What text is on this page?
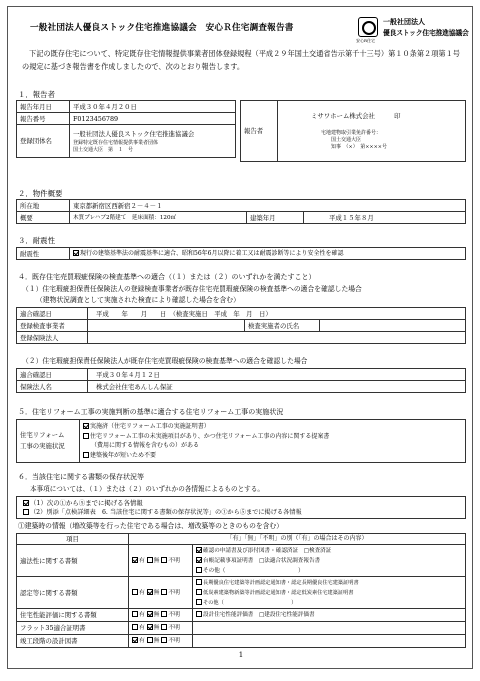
一般社団法人優良ストック住宅推進協議会　安心Ｒ住宅調査報告書
安心R住宅
一般社団法人
優良ストック住宅推進協議会
下記の既存住宅について、特定既存住宅情報提供事業者団体登録規程（平成２９年国土交通省告示第千十三号）第１０条第２項第１号の規定に基づき報告書を作成しましたので、次のとおり報告します。
１．報告者
報告年月日	平成３０年４月２０日
報告番号	F0123456789
登録団体名	一般社団法人優良ストック住宅推進協議会
登録特定既存住宅情報提供事業者団体
国土交通大臣　第　１　号
報告者	
ミサワホーム株式会社　　　印
宅地建物取引業免許番号：
国土交通大臣
知事　（×）　第××××号
２．物件概要
所在地	東京都新宿区西新宿２－４－１		
概要	木質プレハブ2階建て　延床面積：120㎡	建築年月	平成１５年８月
３．耐震性
耐震性	現行の建築基準法の耐震基準に適合、昭和56年6月以降に着工又は耐震診断等により安全性を確認
４．既存住宅売買瑕疵保険の検査基準への適合（（１）または（２）のいずれかを満たすこと）
（１）住宅瑕疵担保責任保険法人の登録検査事業者が既存住宅売買瑕疵保険の検査基準への適合を確認した場合
（建物状況調査として実施された検査により確認した場合を含む）
適合確認日	平成　　年　　月　　日　（検査実施日　平成　年　月　日）		
登録検査事業者		検査実施者の氏名	
登録保険法人			
（２）住宅瑕疵担保責任保険法人が既存住宅売買瑕疵保険の検査基準への適合を確認した場合
適合確認日	平成３０年４月１２日
保険法人名	株式会社住宅あんしん保証
５．住宅リフォーム工事の実施判断の基準に適合する住宅リフォーム工事の実施状況
住宅リフォーム
工事の実施状況

実施済（住宅リフォーム工事の実施証明書）
住宅リフォーム工事の未実施項目があり、かつ住宅リフォーム工事の内容に関する提案書
（費用に関する情報を含むもの）がある
建築後年が短いため不要
６．当該住宅に関する書類の保存状況等
本事項については、（１）または（２）のいずれかの各情報によるものとする。
（1）次の①から⑤までに掲げる各情報
（2）別添「点検詳細表　6. 当該住宅に関する書類の保存状況等」の①から⑤までに掲げる各情報
①建築時の情報（増改築等を行った住宅である場合は、増改築等のときのものを含む）
項目	「有」「無」「不明」の別（「有」の場合はその内容）	
適法性に関する書類	有 無 不明	確認の申請書及び添付図書・確認済証　□検査済証
台帳記載事項証明書　□法適合状況調査報告書
その他（　　　　　　　　　　　　　）

認定等に関する書類	有 無 不明	長期優良住宅建築等計画認定通知書・認定長期優良住宅建築証明書
低炭素建築物新築等計画認定通知書・認定低炭素住宅建築証明書
その他（　　　　　　　　　　　　　）

住宅性能評価に関する書類	有 無 不明	設計住宅性能評価書　□建設住宅性能評価書
フラット35適合証明書	有 無 不明	
竣工段階の設計図書	有 無 不明	
1
